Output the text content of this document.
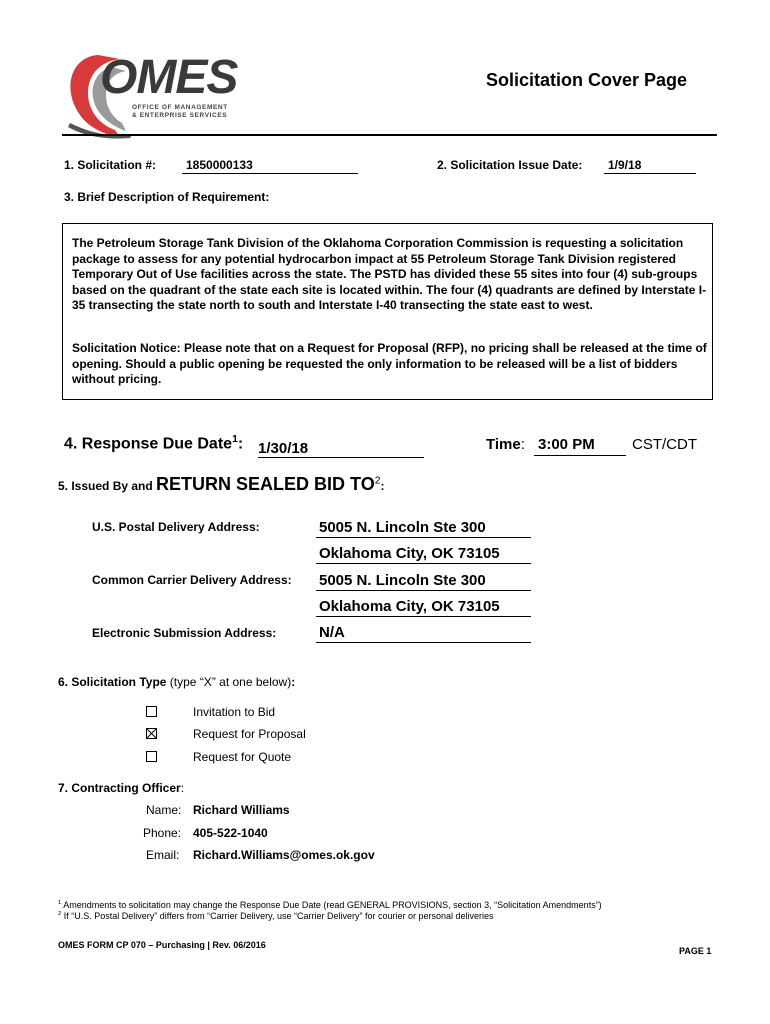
OMES
OFFICE OF MANAGEMENT
& ENTERPRISE SERVICES
Solicitation Cover Page
1. Solicitation #:	1850000133	2. Solicitation Issue Date:	1/9/18
3. Brief Description of Requirement:
The Petroleum Storage Tank Division of the Oklahoma Corporation Commission is requesting a solicitation package to assess for any potential hydrocarbon impact at 55 Petroleum Storage Tank Division registered Temporary Out of Use facilities across the state. The PSTD has divided these 55 sites into four (4) sub-groups based on the quadrant of the state each site is located within. The four (4) quadrants are defined by Interstate I-35 transecting the state north to south and Interstate I-40 transecting the state east to west.
Solicitation Notice: Please note that on a Request for Proposal (RFP), no pricing shall be released at the time of opening. Should a public opening be requested the only information to be released will be a list of bidders without pricing.
4. Response Due Date$^1$: 1/30/18	Time: 3:00 PM	CST/CDT
5. Issued By and RETURN SEALED BID $TO^2$:
U.S. Postal Delivery Address:	5005 N. Lincoln Ste 300
Oklahoma City, OK 73105
Common Carrier Delivery Address: 5005 N. Lincoln Ste 300
Oklahoma City, OK 73105
Electronic Submission Address:	N/A
6. Solicitation Type (type “X” at one below):
Invitation to Bid
Request for Proposal
Request for Quote
7. Contracting Officer:
Name: Richard Williams
Phone: 405-522-1040
Email: Richard.Williams@omes.ok.gov
$^1$ Amendments to solicitation may change the Response Due Date (read GENERAL PROVISIONS, section 3, “Solicitation Amendments”)
$^2$ If “U.S. Postal Delivery” differs from “Carrier Delivery, use “Carrier Delivery” for courier or personal deliveries
OMES FORM CP 070 – Purchasing | Rev. 06/2016
PAGE 1
